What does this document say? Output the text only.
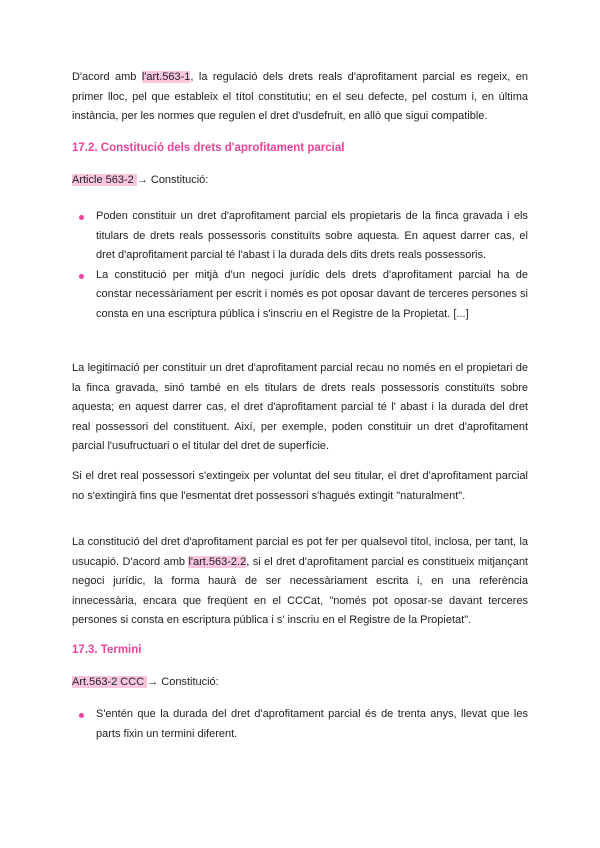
D'acord amb l'art.563-1, la regulació dels drets reals d'aprofitament parcial es regeix, en primer lloc, pel que estableix el títol constitutiu; en el seu defecte, pel costum i, en última instància, per les normes que regulen el dret d'usdefruit, en allò que sigui compatible.
17.2. Constitució dels drets d'aprofitament parcial
Article 563-2 → Constitució:
Poden constituir un dret d'aprofitament parcial els propietaris de la finca gravada i els titulars de drets reals possessoris constituïts sobre aquesta. En aquest darrer cas, el dret d'aprofitament parcial té l'abast i la durada dels dits drets reals possessoris.
La constitució per mitjà d'un negoci jurídic dels drets d'aprofitament parcial ha de constar necessàriament per escrit i només es pot oposar davant de terceres persones si consta en una escriptura pública i s'inscriu en el Registre de la Propietat. [...]
La legitimació per constituir un dret d'aprofitament parcial recau no només en el propietari de la finca gravada, sinó també en els titulars de drets reals possessoris constituïts sobre aquesta; en aquest darrer cas, el dret d'aprofitament parcial té l' abast i la durada del dret real possessori del constituent. Així, per exemple, poden constituir un dret d'aprofitament parcial l'usufructuari o el titular del dret de superfície.
Si el dret real possessori s'extingeix per voluntat del seu titular, el dret d'aprofitament parcial no s'extingirà fins que l'esmentat dret possessori s'hagués extingit "naturalment".
La constitució del dret d'aprofitament parcial es pot fer per qualsevol títol, inclosa, per tant, la usucapió. D'acord amb l'art.563-2.2, si el dret d'aprofitament parcial es constitueix mitjançant negoci jurídic, la forma haurà de ser necessàriament escrita i, en una referència innecessària, encara que freqüent en el CCCat, "només pot oposar-se davant terceres persones si consta en escriptura pública i s' inscriu en el Registre de la Propietat".
17.3. Termini
Art.563-2 CCC → Constitució:
S'entén que la durada del dret d'aprofitament parcial és de trenta anys, llevat que les parts fixin un termini diferent.
